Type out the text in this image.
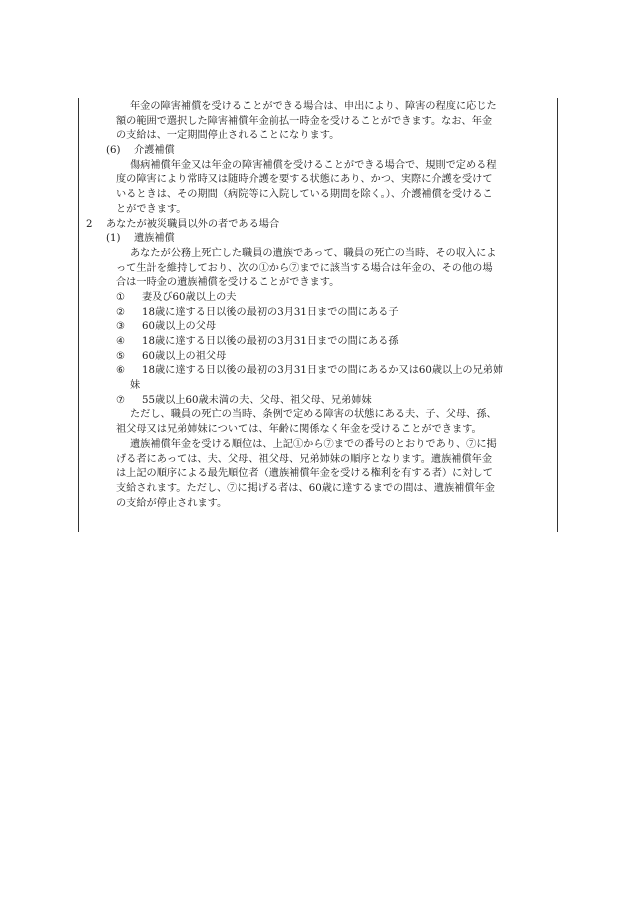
年金の障害補償を受けることができる場合は、申出により、障害の程度に応じた
額の範囲で選択した障害補償年金前払一時金を受けることができます。なお、年金
の支給は、一定期間停止されることになります。
(6) 介護補償
傷病補償年金又は年金の障害補償を受けることができる場合で、規則で定める程
度の障害により常時又は随時介護を要する状態にあり、かつ、実際に介護を受けて
いるときは、その期間（病院等に入院している期間を除く。）、介護補償を受けるこ
とができます。
2 あなたが被災職員以外の者である場合
(1) 遺族補償
あなたが公務上死亡した職員の遺族であって、職員の死亡の当時、その収入によ
って生計を維持しており、次の①から⑦までに該当する場合は年金の、その他の場
合は一時金の遺族補償を受けることができます。
① 妻及び60歳以上の夫
② 18歳に達する日以後の最初の3月31日までの間にある子
③ 60歳以上の父母
④ 18歳に達する日以後の最初の3月31日までの間にある孫
⑤ 60歳以上の祖父母
⑥ 18歳に達する日以後の最初の3月31日までの間にあるか又は60歳以上の兄弟姉
妹
⑦ 55歳以上60歳未満の夫、父母、祖父母、兄弟姉妹
ただし、職員の死亡の当時、条例で定める障害の状態にある夫、子、父母、孫、
祖父母又は兄弟姉妹については、年齢に関係なく年金を受けることができます。
遺族補償年金を受ける順位は、上記①から⑦までの番号のとおりであり、⑦に掲
げる者にあっては、夫、父母、祖父母、兄弟姉妹の順序となります。遺族補償年金
は上記の順序による最先順位者（遺族補償年金を受ける権利を有する者）に対して
支給されます。ただし、⑦に掲げる者は、60歳に達するまでの間は、遺族補償年金
の支給が停止されます。
